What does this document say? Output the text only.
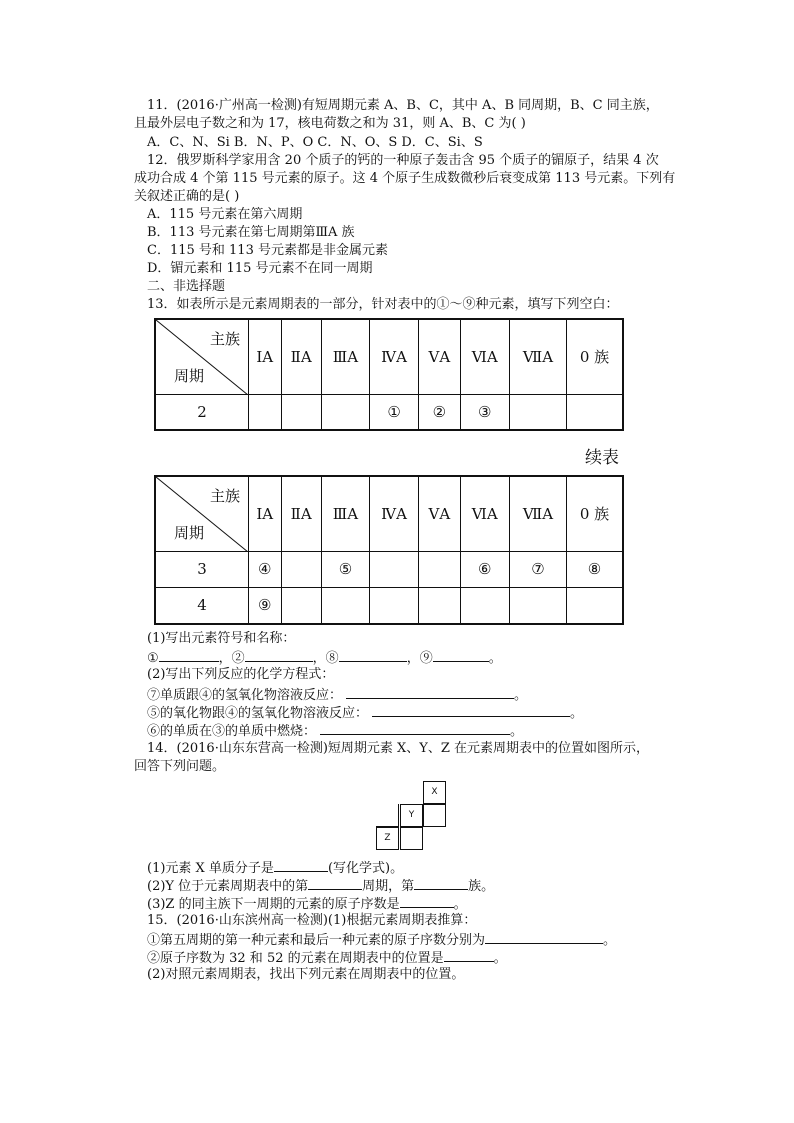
11．(2016·广州高一检测)有短周期元素 A、B、C，其中 A、B 同周期，B、C 同主族，
且最外层电子数之和为 17，核电荷数之和为 31，则 A、B、C 为( )
A．C、N、Si B．N、P、O C．N、O、S D．C、Si、S
12．俄罗斯科学家用含 20 个质子的钙的一种原子轰击含 95 个质子的镅原子，结果 4 次
成功合成 4 个第 115 号元素的原子。这 4 个原子生成数微秒后衰变成第 113 号元素。下列有
关叙述正确的是( )
A．115 号元素在第六周期
B．113 号元素在第七周期第ⅢA 族
C．115 号和 113 号元素都是非金属元素
D．镅元素和 115 号元素不在同一周期
二、非选择题
13．如表所示是元素周期表的一部分，针对表中的①～⑨种元素，填写下列空白：
主族
周期	ⅠA	ⅡA	ⅢA	ⅣA	ⅤA	ⅥA	ⅦA	0 族
2				①	②	③		
续表
主族
周期	ⅠA	ⅡA	ⅢA	ⅣA	ⅤA	ⅥA	ⅦA	0 族
3	④		⑤			⑥	⑦	⑧
4	⑨							
(1)写出元素符号和名称：
①	，②	，⑧	，⑨	。
(2)写出下列反应的化学方程式：
⑦单质跟④的氢氧化物溶液反应：	。
⑤的氧化物跟④的氢氧化物溶液反应：	。
⑥的单质在③的单质中燃烧：	。
14．(2016·山东东营高一检测)短周期元素 X、Y、Z 在元素周期表中的位置如图所示，
回答下列问题。
X
Y
Z
(1)元素 X 单质分子是	(写化学式)。
(2)Y 位于元素周期表中的第	周期，第	族。
(3)Z 的同主族下一周期的元素的原子序数是	。
15．(2016·山东滨州高一检测)(1)根据元素周期表推算：
①第五周期的第一种元素和最后一种元素的原子序数分别为	。
②原子序数为 32 和 52 的元素在周期表中的位置是	。
(2)对照元素周期表，找出下列元素在周期表中的位置。
